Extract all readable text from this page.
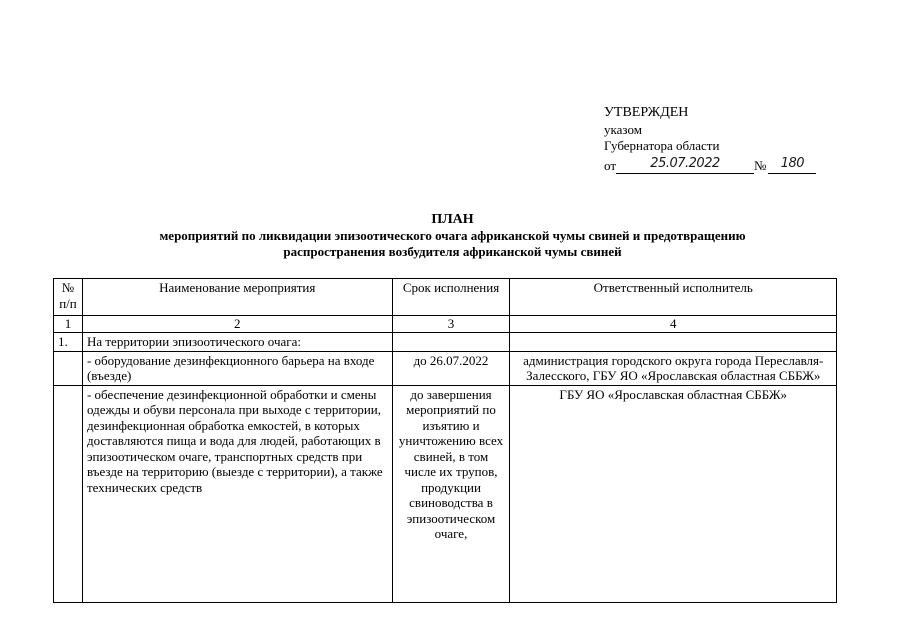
УТВЕРЖДЕН
указом
Губернатора области
от	25.07.2022	№	180
ПЛАН
мероприятий по ликвидации эпизоотического очага африканской чумы свиней и предотвращению
распространения возбудителя африканской чумы свиней
№ п/п	Наименование мероприятия	Срок исполнения	Ответственный исполнитель
1	2	3	4
1.	На территории эпизоотического очага:		
	- оборудование дезинфекционного барьера на входе (въезде)	до 26.07.2022	администрация городского округа города Переславля-Залесского, ГБУ ЯО «Ярославская областная СББЖ»
	- обеспечение дезинфекционной обработки и смены одежды и обуви персонала при выходе с территории, дезинфекционная обработка емкостей, в которых доставляются пища и вода для людей, работающих в эпизоотическом очаге, транспортных средств при въезде на территорию (выезде с территории), а также технических средств	до завершения мероприятий по изъятию и уничтожению всех свиней, в том числе их трупов, продукции свиноводства в эпизоотическом очаге,	ГБУ ЯО «Ярославская областная СББЖ»
